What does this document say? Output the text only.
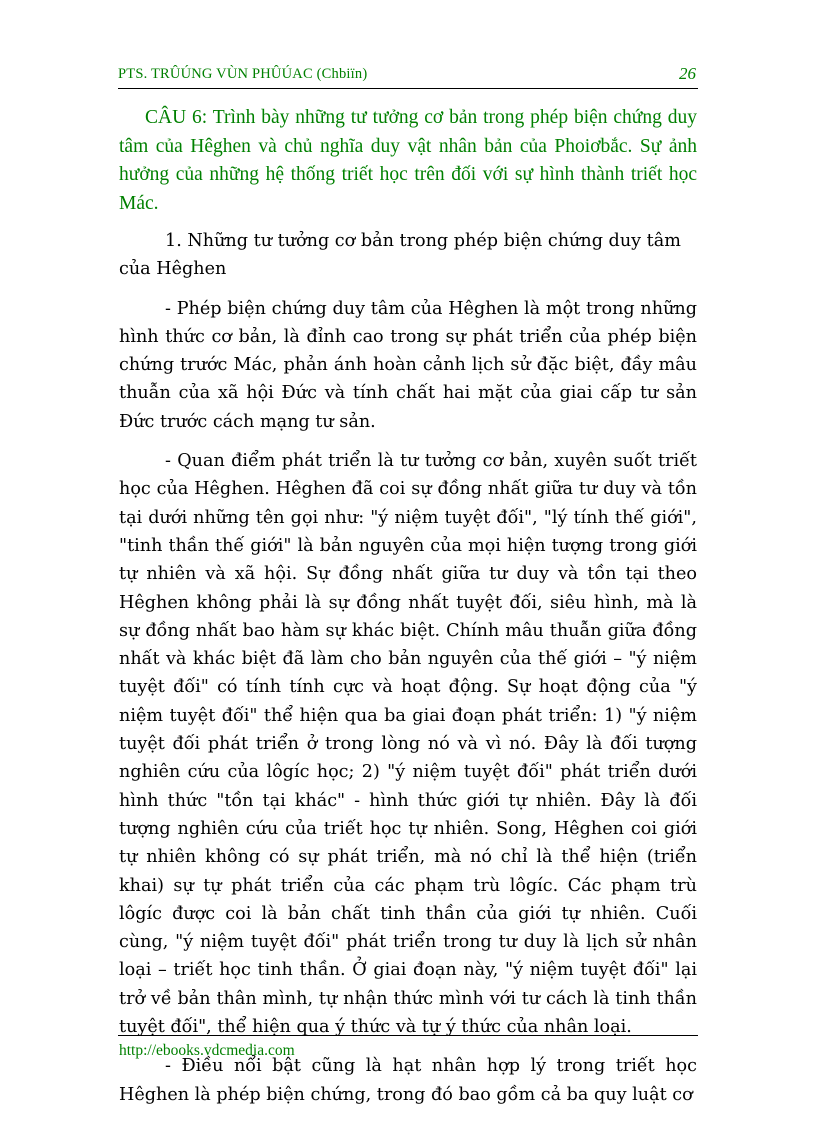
PTS. TRÛÚNG VÙN PHÛÚAC (Chbiïn)	26

CÂU 6: Trình bày những tư tưởng cơ bản trong phép biện chứng duy tâm của Hêghen và chủ nghĩa duy vật nhân bản của Phoiơbắc. Sự ảnh hưởng của những hệ thống triết học trên đối với sự hình thành triết học Mác.

1. Những tư tưởng cơ bản trong phép biện chứng duy tâm của Hêghen

- Phép biện chứng duy tâm của Hêghen là một trong những hình thức cơ bản, là đỉnh cao trong sự phát triển của phép biện chứng trước Mác, phản ánh hoàn cảnh lịch sử đặc biệt, đầy mâu thuẫn của xã hội Đức và tính chất hai mặt của giai cấp tư sản Đức trước cách mạng tư sản.

- Quan điểm phát triển là tư tưởng cơ bản, xuyên suốt triết học của Hêghen. Hêghen đã coi sự đồng nhất giữa tư duy và tồn tại dưới những tên gọi như: "ý niệm tuyệt đối", "lý tính thế giới", "tinh thần thế giới" là bản nguyên của mọi hiện tượng trong giới tự nhiên và xã hội. Sự đồng nhất giữa tư duy và tồn tại theo Hêghen không phải là sự đồng nhất tuyệt đối, siêu hình, mà là sự đồng nhất bao hàm sự khác biệt. Chính mâu thuẫn giữa đồng nhất và khác biệt đã làm cho bản nguyên của thế giới – "ý niệm tuyệt đối" có tính tính cực và hoạt động. Sự hoạt động của "ý niệm tuyệt đối" thể hiện qua ba giai đoạn phát triển: 1) "ý niệm tuyệt đối phát triển ở trong lòng nó và vì nó. Đây là đối tượng nghiên cứu của lôgíc học; 2) "ý niệm tuyệt đối" phát triển dưới hình thức "tồn tại khác" - hình thức giới tự nhiên. Đây là đối tượng nghiên cứu của triết học tự nhiên. Song, Hêghen coi giới tự nhiên không có sự phát triển, mà nó chỉ là thể hiện (triển khai) sự tự phát triển của các phạm trù lôgíc. Các phạm trù lôgíc được coi là bản chất tinh thần của giới tự nhiên. Cuối cùng, "ý niệm tuyệt đối" phát triển trong tư duy là lịch sử nhân loại – triết học tinh thần. Ở giai đoạn này, "ý niệm tuyệt đối" lại trở về bản thân mình, tự nhận thức mình với tư cách là tinh thần tuyệt đối", thể hiện qua ý thức và tự ý thức của nhân loại.

- Điều nổi bật cũng là hạt nhân hợp lý trong triết học Hêghen là phép biện chứng, trong đó bao gồm cả ba quy luật cơ

http://ebooks.vdcmedia.com
